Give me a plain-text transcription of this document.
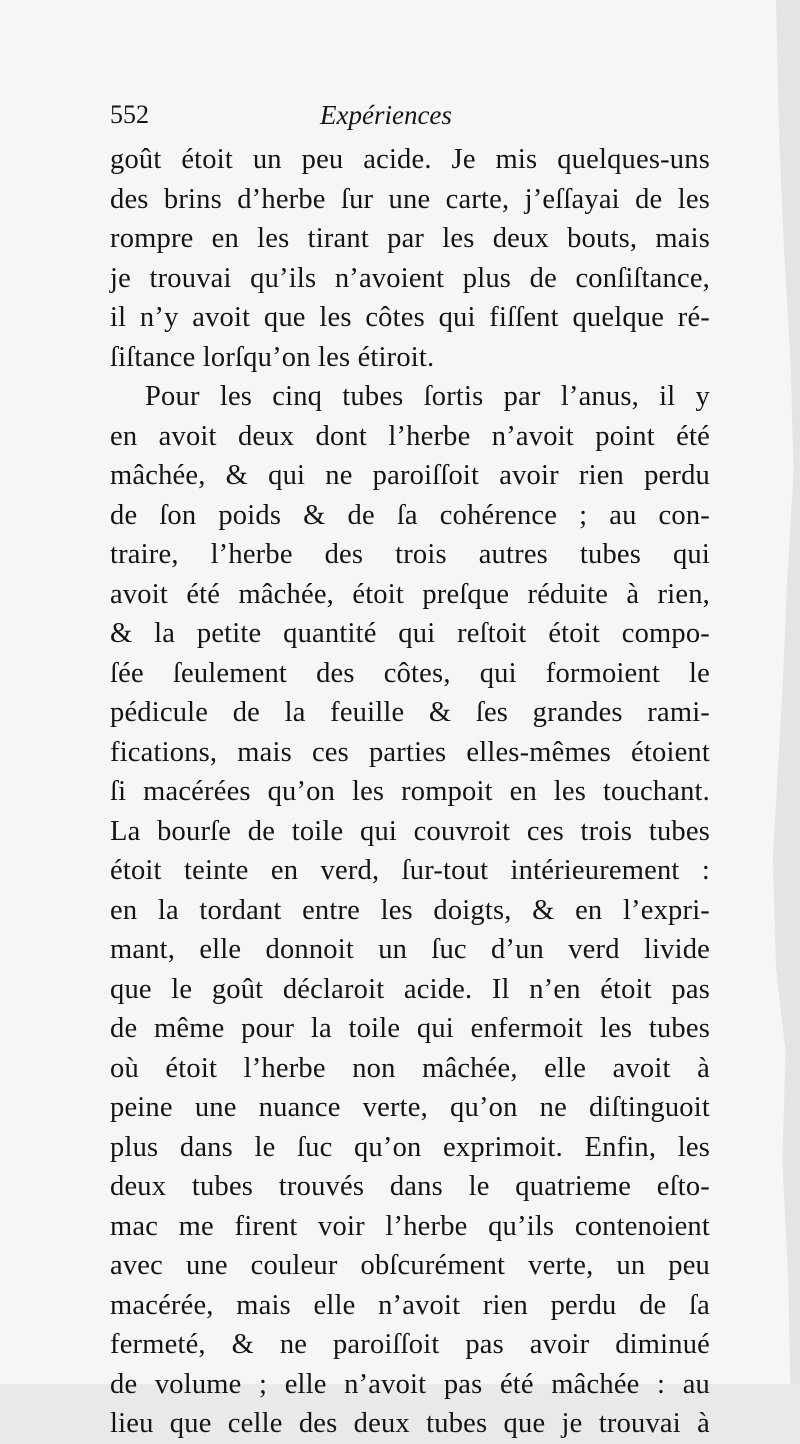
552	Expériences
goût étoit un peu acide. Je mis quelques-uns
des brins d’herbe ſur une carte, j’eſſayai de les
rompre en les tirant par les deux bouts, mais
je trouvai qu’ils n’avoient plus de conſiſtance,
il n’y avoit que les côtes qui fiſſent quelque ré-
ſiſtance lorſqu’on les étiroit.
Pour les cinq tubes ſortis par l’anus, il y
en avoit deux dont l’herbe n’avoit point été
mâchée, & qui ne paroiſſoit avoir rien perdu
de ſon poids & de ſa cohérence ; au con-
traire, l’herbe des trois autres tubes qui
avoit été mâchée, étoit preſque réduite à rien,
& la petite quantité qui reſtoit étoit compo-
ſée ſeulement des côtes, qui formoient le
pédicule de la feuille & ſes grandes rami-
fications, mais ces parties elles-mêmes étoient
ſi macérées qu’on les rompoit en les touchant.
La bourſe de toile qui couvroit ces trois tubes
étoit teinte en verd, ſur-tout intérieurement :
en la tordant entre les doigts, & en l’expri-
mant, elle donnoit un ſuc d’un verd livide
que le goût déclaroit acide. Il n’en étoit pas
de même pour la toile qui enfermoit les tubes
où étoit l’herbe non mâchée, elle avoit à
peine une nuance verte, qu’on ne diſtinguoit
plus dans le ſuc qu’on exprimoit. Enfin, les
deux tubes trouvés dans le quatrieme eſto-
mac me firent voir l’herbe qu’ils contenoient
avec une couleur obſcurément verte, un peu
macérée, mais elle n’avoit rien perdu de ſa
fermeté, & ne paroiſſoit pas avoir diminué
de volume ; elle n’avoit pas été mâchée : au
lieu que celle des deux tubes que je trouvai à
